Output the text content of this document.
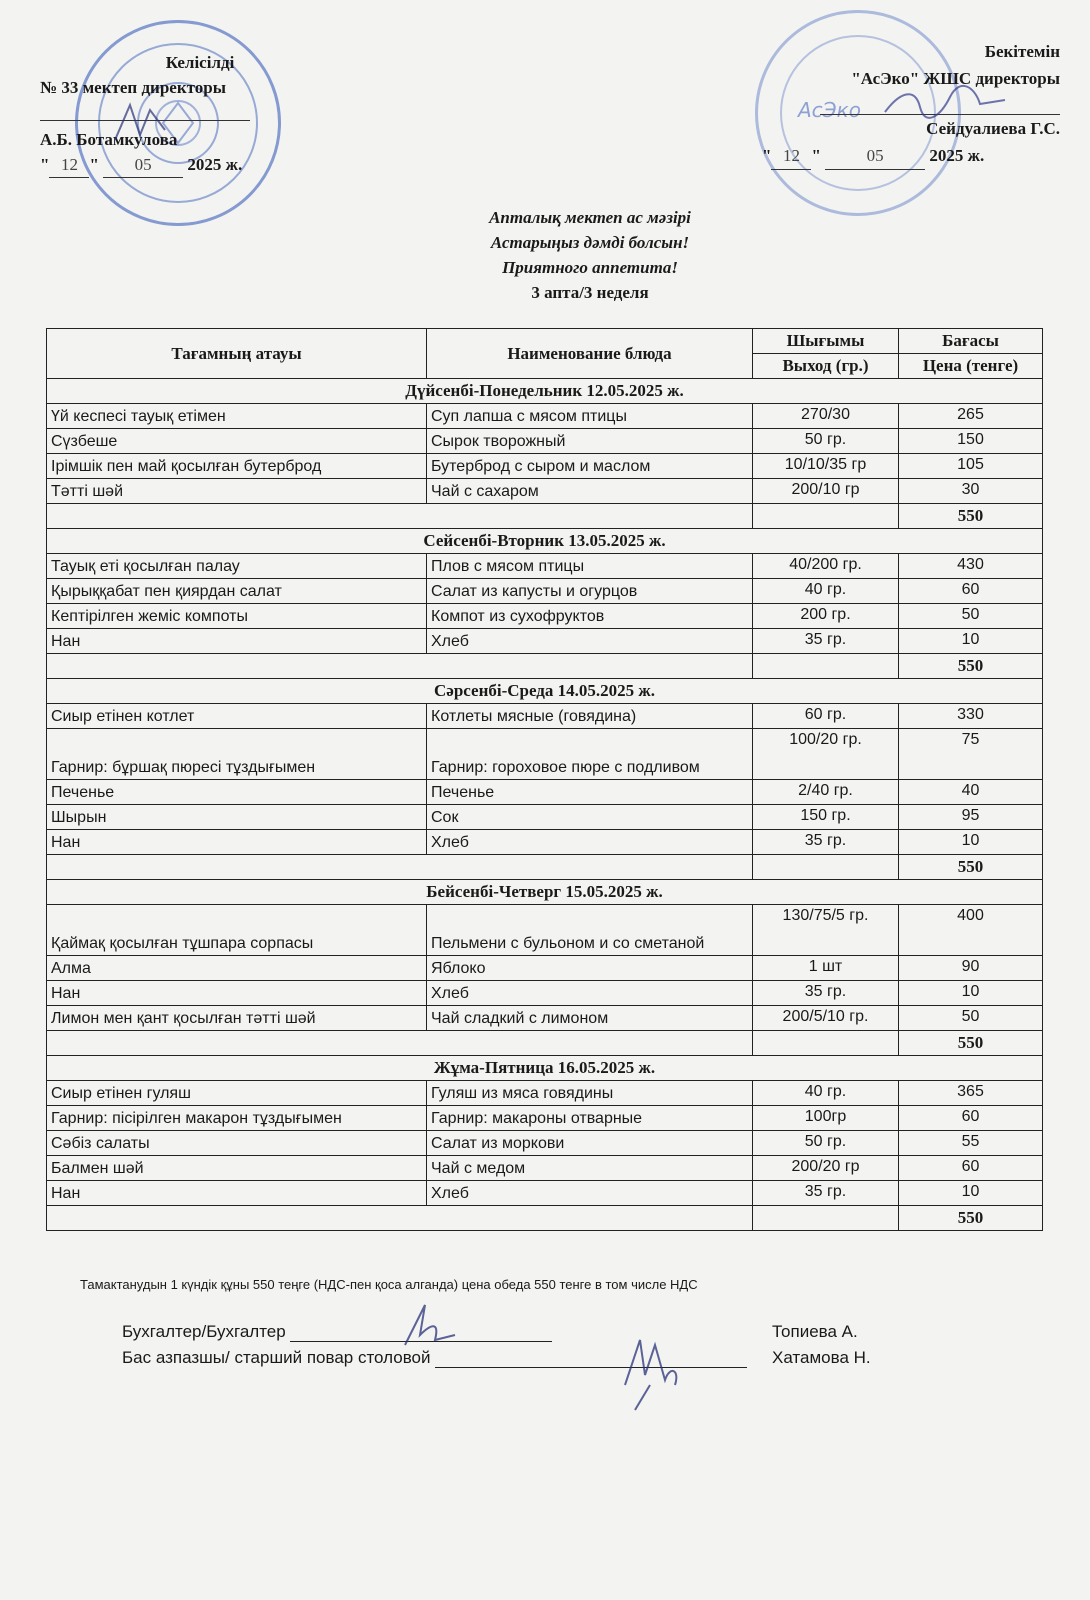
АсЭко
Келісілді
№ 33 мектеп директоры
А.Б. Ботамкулова
" 12 " 05 2025 ж.
Бекітемін
"АсЭко" ЖШС директоры
Сейдуалиева Г.С.
" 12 " 05	2025 ж.
Апталық мектеп ас мәзірі
Астарыңыз дәмді болсын!
Приятного аппетита!
3 апта/3 неделя
Тағамның атауы	Наименование блюда	Шығымы	Бағасы
		Выход (гр.)	Цена (тенге)
Дүйсенбі-Понедельник 12.05.2025 ж.			
Үй кеспесі тауық етімен	Суп лапша с мясом птицы	270/30	265
Сүзбеше	Сырок творожный	50 гр.	150
Ірімшік пен май қосылған бутерброд	Бутерброд с сыром и маслом	10/10/35 гр	105
Тәтті шәй	Чай с сахаром	200/10 гр	30
			550
Сейсенбі-Вторник 13.05.2025 ж.			
Тауық еті қосылған палау	Плов с мясом птицы	40/200 гр.	430
Қырыққабат пен қиярдан салат	Салат из капусты и огурцов	40 гр.	60
Кептірілген жеміс компоты	Компот из сухофруктов	200 гр.	50
Нан	Хлеб	35 гр.	10
			550
Сәрсенбі-Среда 14.05.2025 ж.			
Сиыр етінен котлет	Котлеты мясные (говядина)	60 гр.	330
Гарнир: бұршақ пюресі тұздығымен	Гарнир: гороховое пюре с подливом	100/20 гр.	75
Печенье	Печенье	2/40 гр.	40
Шырын	Сок	150 гр.	95
Нан	Хлеб	35 гр.	10
			550
Бейсенбі-Четверг 15.05.2025 ж.			
Қаймақ қосылған тұшпара сорпасы	Пельмени с бульоном и со сметаной	130/75/5 гр.	400
Алма	Яблоко	1 шт	90
Нан	Хлеб	35 гр.	10
Лимон мен қант қосылған тәтті шәй	Чай сладкий с лимоном	200/5/10 гр.	50
			550
Жұма-Пятница 16.05.2025 ж.			
Сиыр етінен гуляш	Гуляш из мяса говядины	40 гр.	365
Гарнир: пісірілген макарон тұздығымен	Гарнир: макароны отварные	100гр	60
Сәбіз салаты	Салат из моркови	50 гр.	55
Балмен шәй	Чай с медом	200/20 гр	60
Нан	Хлеб	35 гр.	10
			550
Тамактанудын 1 күндік құны 550 теңге (НДС-пен қоса алганда) цена обеда 550 тенге в том числе НДС
Бухгалтер/Бухгалтер	Топиева А.
Бас азпазшы/ старший повар столовой	Хатамова Н.
